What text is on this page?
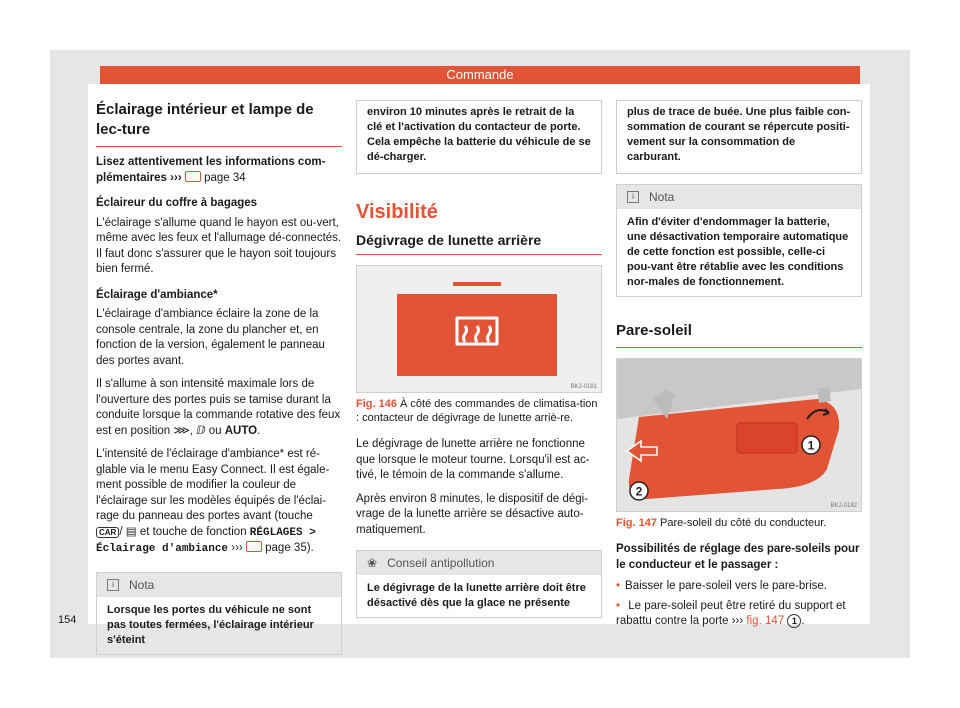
Commande
Éclairage intérieur et lampe de lec-ture

Lisez attentivement les informations com-plémentaires ››› page 34

Éclaireur du coffre à bagages

L'éclairage s'allume quand le hayon est ou-vert, même avec les feux et l'allumage dé-connectés. Il faut donc s'assurer que le hayon soit toujours bien fermé.

Éclairage d'ambiance*

L'éclairage d'ambiance éclaire la zone de la console centrale, la zone du plancher et, en fonction de la version, également le panneau des portes avant.

Il s'allume à son intensité maximale lors de l'ouverture des portes puis se tamise durant la conduite lorsque la commande rotative des feux est en position ⋙, ⅅ ou AUTO.

L'intensité de l'éclairage d'ambiance* est ré-glable via le menu Easy Connect. Il est égale-ment possible de modifier la couleur de l'éclairage sur les modèles équipés de l'éclai-rage du panneau des portes avant (touche CAR / ▤ et touche de fonction RÉGLAGES > Éclairage d'ambiance ››› page 35).

i	Nota
Lorsque les portes du véhicule ne sont pas toutes fermées, l'éclairage intérieur s'éteint
environ 10 minutes après le retrait de la clé et l'activation du contacteur de porte. Cela empêche la batterie du véhicule de se dé-charger.
Visibilité
Dégivrage de lunette arrière
BKJ-0181
Fig. 146 À côté des commandes de climatisa-tion : contacteur de dégivrage de lunette arriè-re.

Le dégivrage de lunette arrière ne fonctionne que lorsque le moteur tourne. Lorsqu'il est ac-tivé, le témoin de la commande s'allume.

Après environ 8 minutes, le dispositif de dégi-vrage de la lunette arrière se désactive auto-matiquement.

❀ Conseil antipollution
Le dégivrage de la lunette arrière doit être désactivé dès que la glace ne présente
plus de trace de buée. Une plus faible con-sommation de courant se répercute positi-vement sur la consommation de carburant.
i	Nota
Afin d'éviter d'endommager la batterie, une désactivation temporaire automatique de cette fonction est possible, celle-ci pou-vant être rétablie avec les conditions nor-males de fonctionnement.
Pare-soleil
1
2
BKJ-0182
Fig. 147 Pare-soleil du côté du conducteur.

Possibilités de réglage des pare-soleils pour le conducteur et le passager :

• Baisser le pare-soleil vers le pare-brise.
• Le pare-soleil peut être retiré du support et rabattu contre la porte ››› fig. 147 1 .
154
